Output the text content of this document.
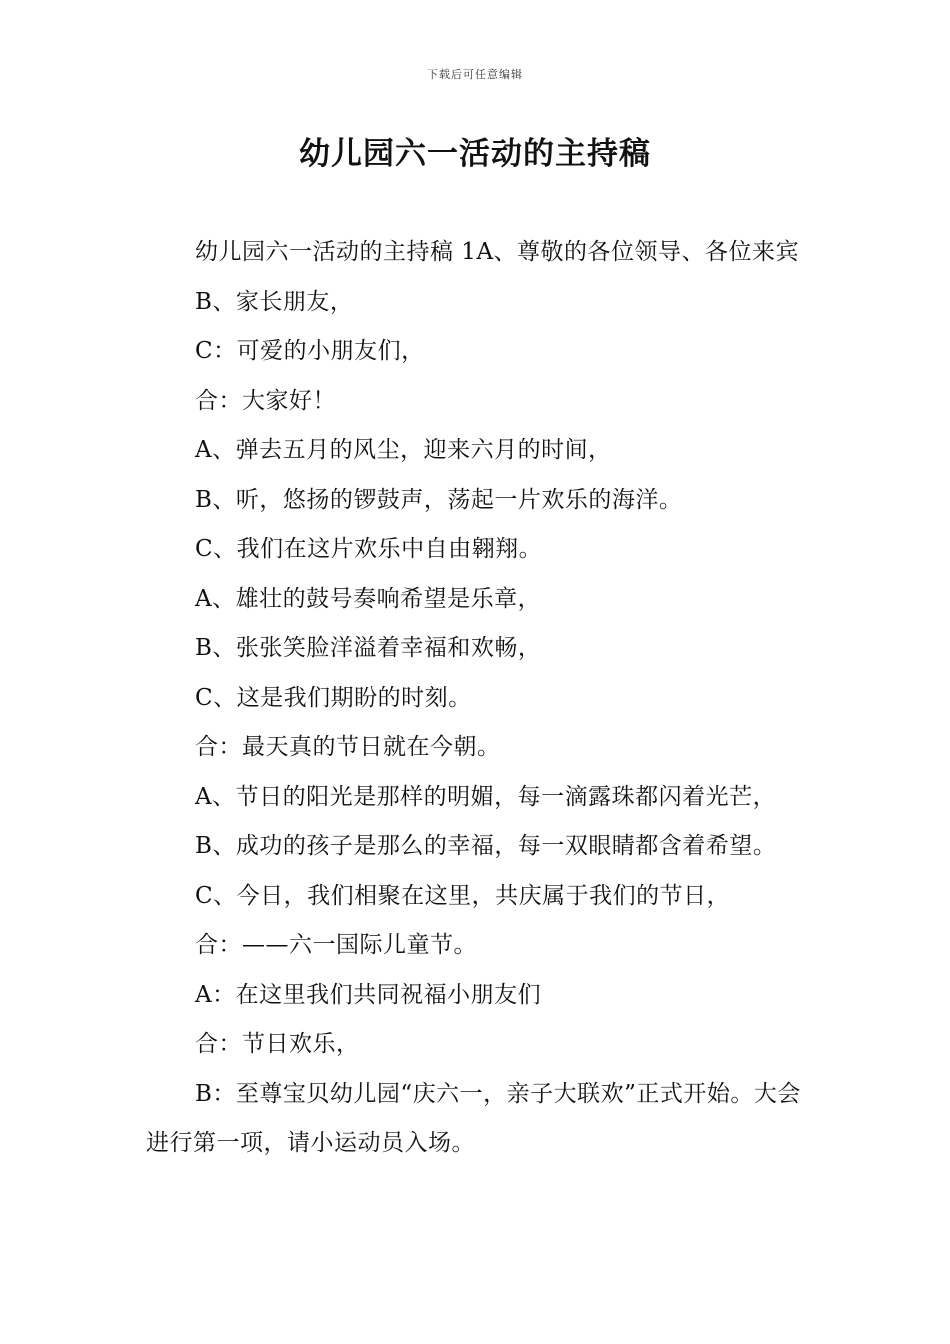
下载后可任意编辑
幼儿园六一活动的主持稿

幼儿园六一活动的主持稿 1A、尊敬的各位领导、各位来宾

B、家长朋友，

C：可爱的小朋友们，

合：大家好！

A、弹去五月的风尘，迎来六月的时间，

B、听，悠扬的锣鼓声，荡起一片欢乐的海洋。

C、我们在这片欢乐中自由翱翔。

A、雄壮的鼓号奏响希望是乐章，

B、张张笑脸洋溢着幸福和欢畅，

C、这是我们期盼的时刻。

合：最天真的节日就在今朝。

A、节日的阳光是那样的明媚，每一滴露珠都闪着光芒，

B、成功的孩子是那么的幸福，每一双眼睛都含着希望。

C、今日，我们相聚在这里，共庆属于我们的节日，

合：——六一国际儿童节。

A：在这里我们共同祝福小朋友们

合：节日欢乐，

B：至尊宝贝幼儿园“庆六一，亲子大联欢”正式开始。大会进行第一项，请小运动员入场。
